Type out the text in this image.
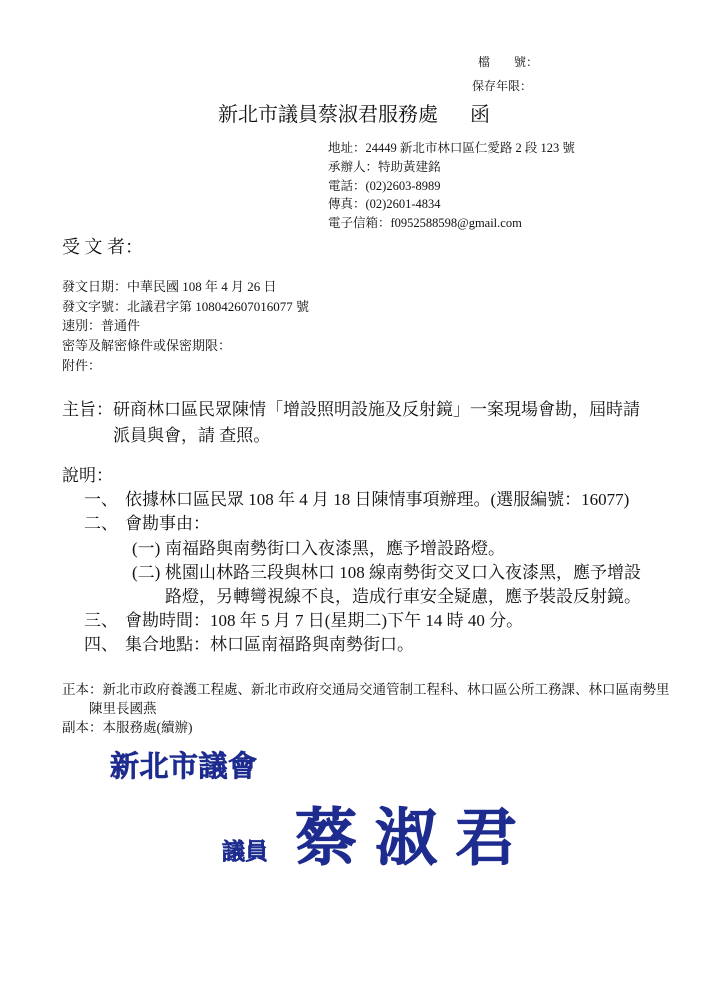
檔　　號：
保存年限：
新北市議員蔡淑君服務處 函
地址：24449 新北市林口區仁愛路 2 段 123 號
承辦人：特助黃建銘
電話：(02)2603-8989
傳真：(02)2601-4834
電子信箱：f0952588598@gmail.com
受 文 者：
發文日期：中華民國 108 年 4 月 26 日
發文字號：北議君字第 108042607016077 號
速別：普通件
密等及解密條件或保密期限：
附件：
主旨： 研商林口區民眾陳情「增設照明設施及反射鏡」一案現場會勘，屆時請
派員與會，請 查照。
說明：
一、 依據林口區民眾 108 年 4 月 18 日陳情事項辦理。(選服編號：16077)
二、 會勘事由：
(一) 南福路與南勢街口入夜漆黑，應予增設路燈。
(二) 桃園山林路三段與林口 108 線南勢街交叉口入夜漆黑，應予增設
路燈，另轉彎視線不良，造成行車安全疑慮，應予裝設反射鏡。
三、 會勘時間：108 年 5 月 7 日(星期二)下午 14 時 40 分。
四、 集合地點：林口區南福路與南勢街口。
正本：新北市政府養護工程處、新北市政府交通局交通管制工程科、林口區公所工務課、林口區南勢里
陳里長國燕
副本：本服務處(續辦)
新北市議會
議員 蔡淑君
